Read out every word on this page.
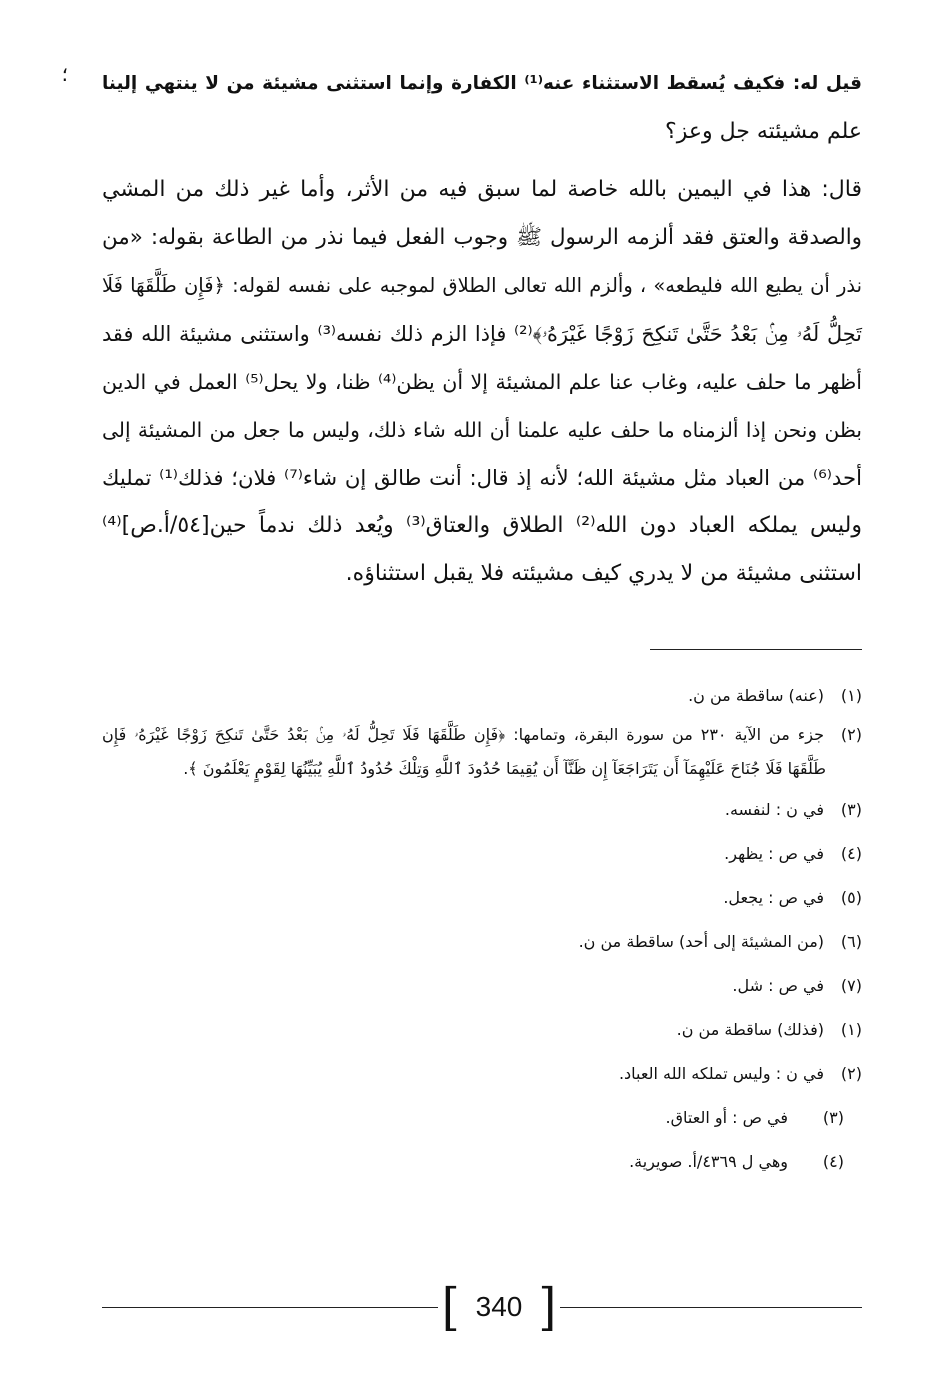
؛ قيل له: فكيف يُسقط الاستثناء عنه⁽¹⁾ الكفارة وإنما استثنى مشيئة من لا ينتهي إلينا
علم مشيئته جل وعز؟
قال: هذا في اليمين بالله خاصة لما سبق فيه من الأثر، وأما غير ذلك من المشي
والصدقة والعتق فقد ألزمه الرسول ﷺ وجوب الفعل فيما نذر من الطاعة بقوله: «من
نذر أن يطيع الله فليطعه» ، وألزم الله تعالى الطلاق لموجبه على نفسه لقوله: ﴿فَإِن طَلَّقَهَا فَلَا
تَحِلُّ لَهُۥ مِنۢ بَعْدُ حَتَّىٰ تَنكِحَ زَوْجًا غَيْرَهُۥ﴾⁽²⁾ فإذا الزم ذلك نفسه⁽³⁾ واستثنى مشيئة الله فقد
أظهر ما حلف عليه، وغاب عنا علم المشيئة إلا أن يظن⁽⁴⁾ ظنا، ولا يحل⁽⁵⁾ العمل في الدين
بظن ونحن إذا ألزمناه ما حلف عليه علمنا أن الله شاء ذلك، وليس ما جعل من المشيئة إلى
أحد⁽⁶⁾ من العباد مثل مشيئة الله؛ لأنه إذ قال: أنت طالق إن شاء⁽⁷⁾ فلان؛ فذلك⁽¹⁾ تمليك
وليس يملكه العباد دون الله⁽²⁾ الطلاق والعتاق⁽³⁾ ويُعد ذلك ندماً حين[٥٤/أ.ص]⁽⁴⁾
استثنى مشيئة من لا يدري كيف مشيئته فلا يقبل استثناؤه.
(١)(عنه) ساقطة من ن.
(٢)جزء من الآية ٢٣٠ من سورة البقرة، وتمامها: ﴿فَإِن طَلَّقَهَا فَلَا تَحِلُّ لَهُۥ مِنۢ بَعْدُ حَتَّىٰ تَنكِحَ زَوْجًا غَيْرَهُۥ فَإِن
طَلَّقَهَا فَلَا جُنَاحَ عَلَيْهِمَآ أَن يَتَرَاجَعَآ إِن ظَنَّآ أَن يُقِيمَا حُدُودَ ٱللَّهِ وَتِلْكَ حُدُودُ ٱللَّهِ يُبَيِّنُهَا لِقَوْمٍ يَعْلَمُونَ ﴾.
(٣)في ن : لنفسه.
(٤)في ص : يظهر.
(٥)في ص : يجعل.
(٦)(من المشيئة إلى أحد) ساقطة من ن.
(٧)في ص : شل.
(١)(فذلك) ساقطة من ن.
(٢)في ن : وليس تملكه الله العباد.
(٣)في ص : أو العتاق.
(٤)وهي ل ٤٣٦٩/أ. صويرية.
[ 340 ]
